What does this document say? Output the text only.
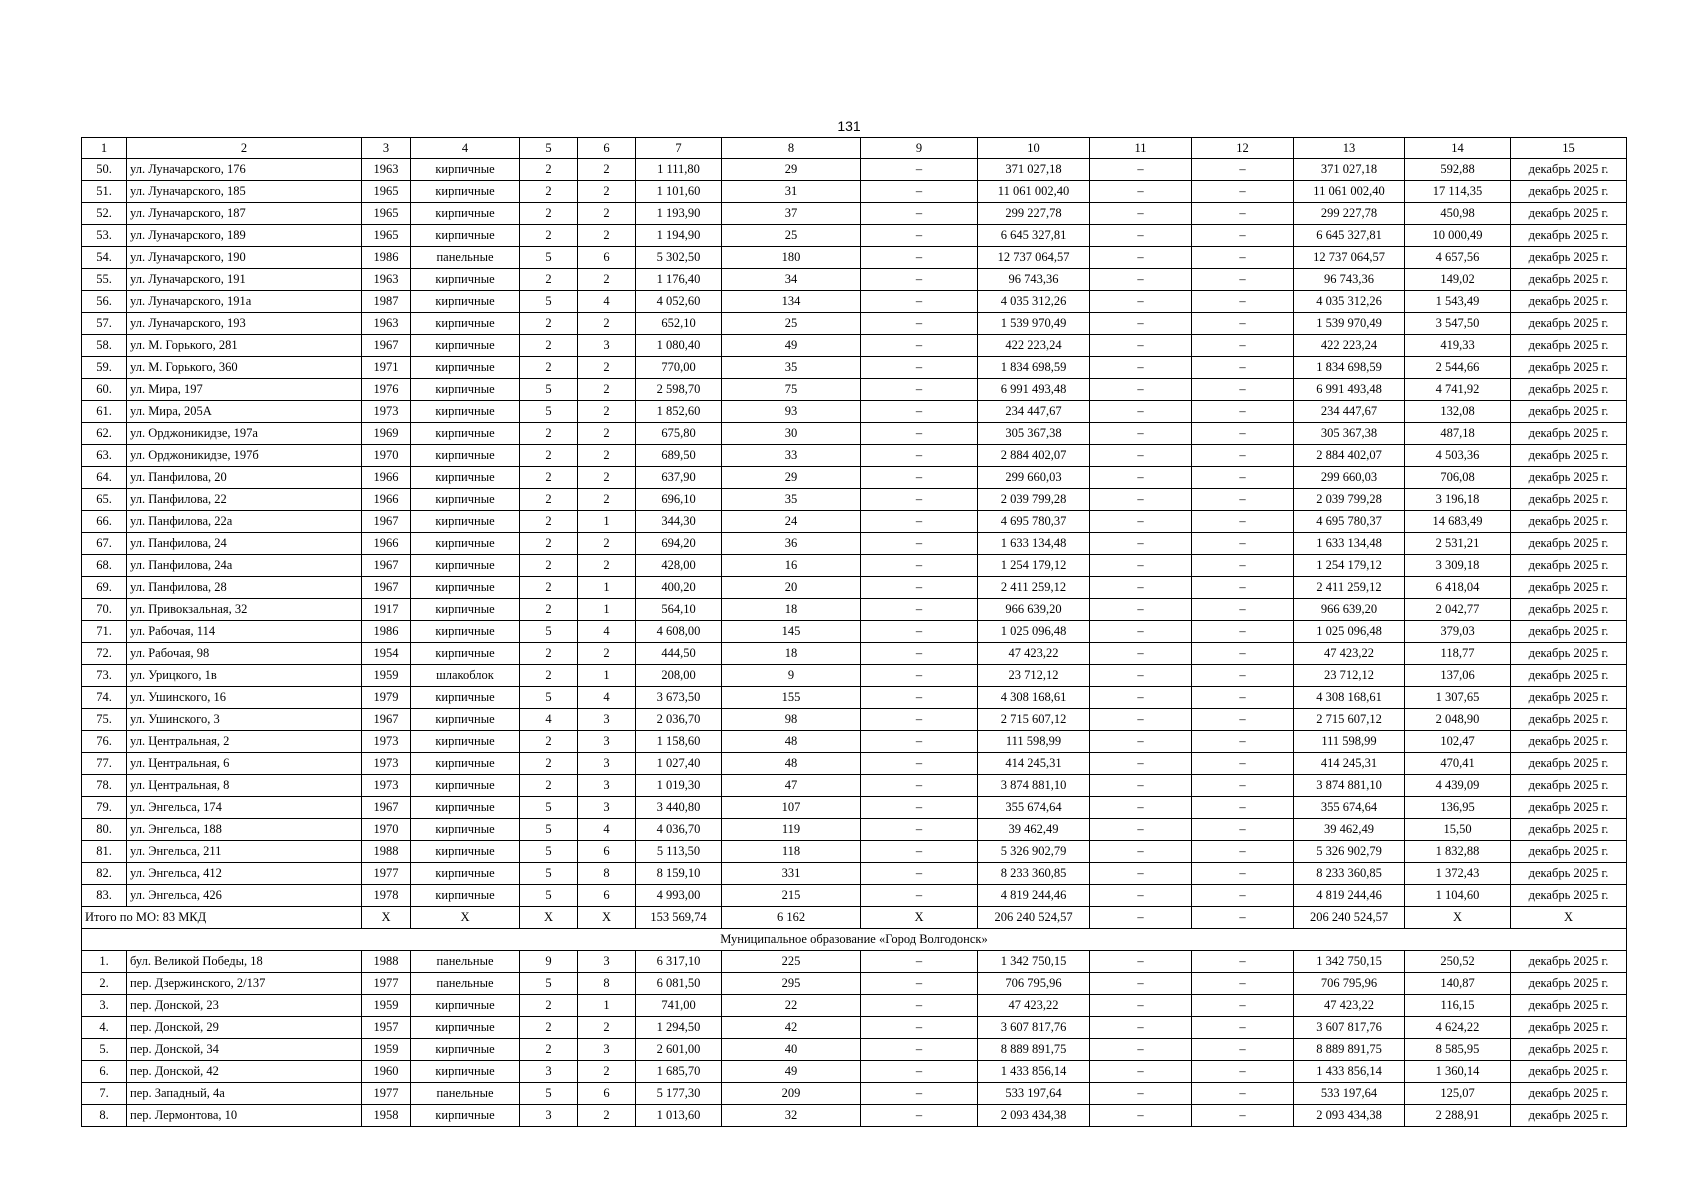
131
1	2	3	4	5	6	7	8	9	10	11	12	13	14	15
50.	ул. Луначарского, 176	1963	кирпичные	2	2	1 111,80	29	–	371 027,18	–	–	371 027,18	592,88	декабрь 2025 г.
51.	ул. Луначарского, 185	1965	кирпичные	2	2	1 101,60	31	–	11 061 002,40	–	–	11 061 002,40	17 114,35	декабрь 2025 г.
52.	ул. Луначарского, 187	1965	кирпичные	2	2	1 193,90	37	–	299 227,78	–	–	299 227,78	450,98	декабрь 2025 г.
53.	ул. Луначарского, 189	1965	кирпичные	2	2	1 194,90	25	–	6 645 327,81	–	–	6 645 327,81	10 000,49	декабрь 2025 г.
54.	ул. Луначарского, 190	1986	панельные	5	6	5 302,50	180	–	12 737 064,57	–	–	12 737 064,57	4 657,56	декабрь 2025 г.
55.	ул. Луначарского, 191	1963	кирпичные	2	2	1 176,40	34	–	96 743,36	–	–	96 743,36	149,02	декабрь 2025 г.
56.	ул. Луначарского, 191а	1987	кирпичные	5	4	4 052,60	134	–	4 035 312,26	–	–	4 035 312,26	1 543,49	декабрь 2025 г.
57.	ул. Луначарского, 193	1963	кирпичные	2	2	652,10	25	–	1 539 970,49	–	–	1 539 970,49	3 547,50	декабрь 2025 г.
58.	ул. М. Горького, 281	1967	кирпичные	2	3	1 080,40	49	–	422 223,24	–	–	422 223,24	419,33	декабрь 2025 г.
59.	ул. М. Горького, 360	1971	кирпичные	2	2	770,00	35	–	1 834 698,59	–	–	1 834 698,59	2 544,66	декабрь 2025 г.
60.	ул. Мира, 197	1976	кирпичные	5	2	2 598,70	75	–	6 991 493,48	–	–	6 991 493,48	4 741,92	декабрь 2025 г.
61.	ул. Мира, 205А	1973	кирпичные	5	2	1 852,60	93	–	234 447,67	–	–	234 447,67	132,08	декабрь 2025 г.
62.	ул. Орджоникидзе, 197а	1969	кирпичные	2	2	675,80	30	–	305 367,38	–	–	305 367,38	487,18	декабрь 2025 г.
63.	ул. Орджоникидзе, 197б	1970	кирпичные	2	2	689,50	33	–	2 884 402,07	–	–	2 884 402,07	4 503,36	декабрь 2025 г.
64.	ул. Панфилова, 20	1966	кирпичные	2	2	637,90	29	–	299 660,03	–	–	299 660,03	706,08	декабрь 2025 г.
65.	ул. Панфилова, 22	1966	кирпичные	2	2	696,10	35	–	2 039 799,28	–	–	2 039 799,28	3 196,18	декабрь 2025 г.
66.	ул. Панфилова, 22а	1967	кирпичные	2	1	344,30	24	–	4 695 780,37	–	–	4 695 780,37	14 683,49	декабрь 2025 г.
67.	ул. Панфилова, 24	1966	кирпичные	2	2	694,20	36	–	1 633 134,48	–	–	1 633 134,48	2 531,21	декабрь 2025 г.
68.	ул. Панфилова, 24а	1967	кирпичные	2	2	428,00	16	–	1 254 179,12	–	–	1 254 179,12	3 309,18	декабрь 2025 г.
69.	ул. Панфилова, 28	1967	кирпичные	2	1	400,20	20	–	2 411 259,12	–	–	2 411 259,12	6 418,04	декабрь 2025 г.
70.	ул. Привокзальная, 32	1917	кирпичные	2	1	564,10	18	–	966 639,20	–	–	966 639,20	2 042,77	декабрь 2025 г.
71.	ул. Рабочая, 114	1986	кирпичные	5	4	4 608,00	145	–	1 025 096,48	–	–	1 025 096,48	379,03	декабрь 2025 г.
72.	ул. Рабочая, 98	1954	кирпичные	2	2	444,50	18	–	47 423,22	–	–	47 423,22	118,77	декабрь 2025 г.
73.	ул. Урицкого, 1в	1959	шлакоблок	2	1	208,00	9	–	23 712,12	–	–	23 712,12	137,06	декабрь 2025 г.
74.	ул. Ушинского, 16	1979	кирпичные	5	4	3 673,50	155	–	4 308 168,61	–	–	4 308 168,61	1 307,65	декабрь 2025 г.
75.	ул. Ушинского, 3	1967	кирпичные	4	3	2 036,70	98	–	2 715 607,12	–	–	2 715 607,12	2 048,90	декабрь 2025 г.
76.	ул. Центральная, 2	1973	кирпичные	2	3	1 158,60	48	–	111 598,99	–	–	111 598,99	102,47	декабрь 2025 г.
77.	ул. Центральная, 6	1973	кирпичные	2	3	1 027,40	48	–	414 245,31	–	–	414 245,31	470,41	декабрь 2025 г.
78.	ул. Центральная, 8	1973	кирпичные	2	3	1 019,30	47	–	3 874 881,10	–	–	3 874 881,10	4 439,09	декабрь 2025 г.
79.	ул. Энгельса, 174	1967	кирпичные	5	3	3 440,80	107	–	355 674,64	–	–	355 674,64	136,95	декабрь 2025 г.
80.	ул. Энгельса, 188	1970	кирпичные	5	4	4 036,70	119	–	39 462,49	–	–	39 462,49	15,50	декабрь 2025 г.
81.	ул. Энгельса, 211	1988	кирпичные	5	6	5 113,50	118	–	5 326 902,79	–	–	5 326 902,79	1 832,88	декабрь 2025 г.
82.	ул. Энгельса, 412	1977	кирпичные	5	8	8 159,10	331	–	8 233 360,85	–	–	8 233 360,85	1 372,43	декабрь 2025 г.
83.	ул. Энгельса, 426	1978	кирпичные	5	6	4 993,00	215	–	4 819 244,46	–	–	4 819 244,46	1 104,60	декабрь 2025 г.
Итого по МО: 83 МКД		X	X	X	X	153 569,74	6 162	X	206 240 524,57	–	–	206 240 524,57	X	X
Муниципальное образование «Город Волгодонск»														
1.	бул. Великой Победы, 18	1988	панельные	9	3	6 317,10	225	–	1 342 750,15	–	–	1 342 750,15	250,52	декабрь 2025 г.
2.	пер. Дзержинского, 2/137	1977	панельные	5	8	6 081,50	295	–	706 795,96	–	–	706 795,96	140,87	декабрь 2025 г.
3.	пер. Донской, 23	1959	кирпичные	2	1	741,00	22	–	47 423,22	–	–	47 423,22	116,15	декабрь 2025 г.
4.	пер. Донской, 29	1957	кирпичные	2	2	1 294,50	42	–	3 607 817,76	–	–	3 607 817,76	4 624,22	декабрь 2025 г.
5.	пер. Донской, 34	1959	кирпичные	2	3	2 601,00	40	–	8 889 891,75	–	–	8 889 891,75	8 585,95	декабрь 2025 г.
6.	пер. Донской, 42	1960	кирпичные	3	2	1 685,70	49	–	1 433 856,14	–	–	1 433 856,14	1 360,14	декабрь 2025 г.
7.	пер. Западный, 4а	1977	панельные	5	6	5 177,30	209	–	533 197,64	–	–	533 197,64	125,07	декабрь 2025 г.
8.	пер. Лермонтова, 10	1958	кирпичные	3	2	1 013,60	32	–	2 093 434,38	–	–	2 093 434,38	2 288,91	декабрь 2025 г.
